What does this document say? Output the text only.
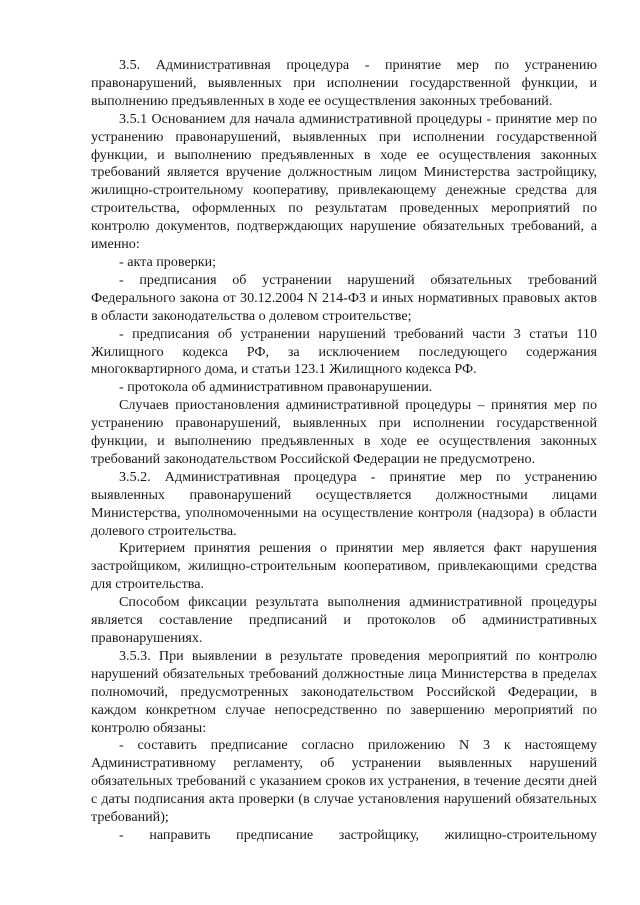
3.5. Административная процедура - принятие мер по устранению правонарушений, выявленных при исполнении государственной функции, и выполнению предъявленных в ходе ее осуществления законных требований.

3.5.1 Основанием для начала административной процедуры - принятие мер по устранению правонарушений, выявленных при исполнении государственной функции, и выполнению предъявленных в ходе ее осуществления законных требований является вручение должностным лицом Министерства застройщику, жилищно-строительному кооперативу, привлекающему денежные средства для строительства, оформленных по результатам проведенных мероприятий по контролю документов, подтверждающих нарушение обязательных требований, а именно:

- акта проверки;

- предписания об устранении нарушений обязательных требований Федерального закона от 30.12.2004 N 214-ФЗ и иных нормативных правовых актов в области законодательства о долевом строительстве;

- предписания об устранении нарушений требований части 3 статьи 110 Жилищного кодекса РФ, за исключением последующего содержания многоквартирного дома, и статьи 123.1 Жилищного кодекса РФ.

- протокола об административном правонарушении.

Случаев приостановления административной процедуры – принятия мер по устранению правонарушений, выявленных при исполнении государственной функции, и выполнению предъявленных в ходе ее осуществления законных требований законодательством Российской Федерации не предусмотрено.

3.5.2. Административная процедура - принятие мер по устранению выявленных правонарушений осуществляется должностными лицами Министерства, уполномоченными на осуществление контроля (надзора) в области долевого строительства.

Критерием принятия решения о принятии мер является факт нарушения застройщиком, жилищно-строительным кооперативом, привлекающими средства для строительства.

Способом фиксации результата выполнения административной процедуры является составление предписаний и протоколов об административных правонарушениях.

3.5.3. При выявлении в результате проведения мероприятий по контролю нарушений обязательных требований должностные лица Министерства в пределах полномочий, предусмотренных законодательством Российской Федерации, в каждом конкретном случае непосредственно по завершению мероприятий по контролю обязаны:

- составить предписание согласно приложению N 3 к настоящему Административному регламенту, об устранении выявленных нарушений обязательных требований с указанием сроков их устранения, в течение десяти дней с даты подписания акта проверки (в случае установления нарушений обязательных требований);

- направить предписание застройщику, жилищно-строительному
